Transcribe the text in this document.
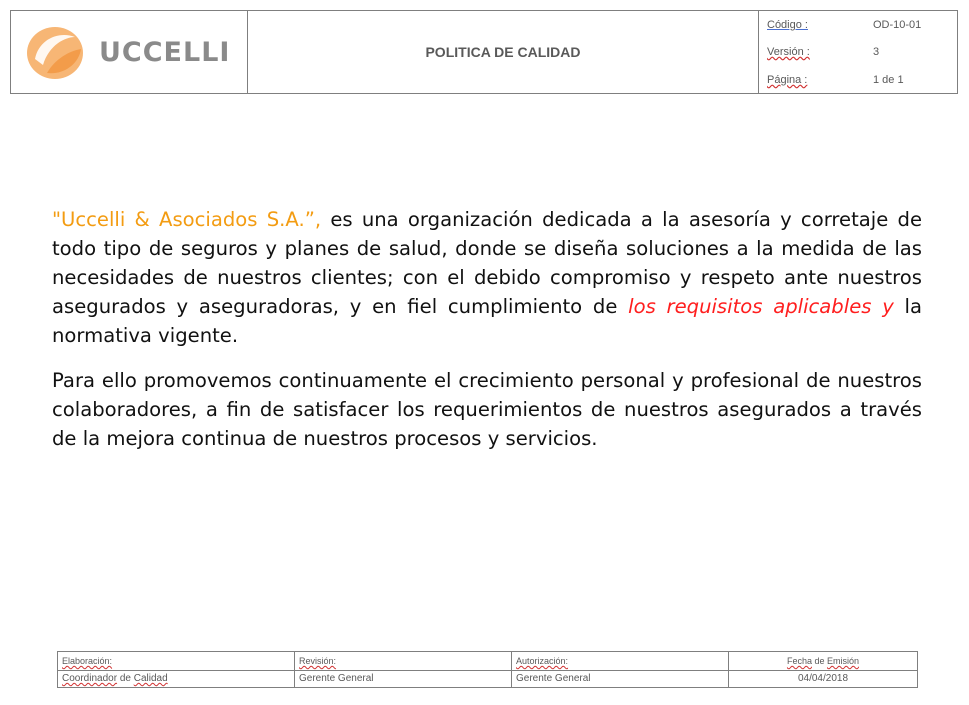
UCCELLI	POLITICA DE CALIDAD
Código :	OD-10-01
Versión :	3
Página :	1 de 1

"Uccelli & Asociados S.A.”, es una organización dedicada a la asesoría y corretaje de todo tipo de seguros y planes de salud, donde se diseña soluciones a la medida de las necesidades de nuestros clientes; con el debido compromiso y respeto ante nuestros asegurados y aseguradoras, y en fiel cumplimiento de los requisitos aplicables y la normativa vigente.

Para ello promovemos continuamente el crecimiento personal y profesional de nuestros colaboradores, a fin de satisfacer los requerimientos de nuestros asegurados a través de la mejora continua de nuestros procesos y servicios.

Elaboración:	Revisión:	Autorización:	Fecha de Emisión
Coordinador de Calidad	Gerente General	Gerente General	04/04/2018
